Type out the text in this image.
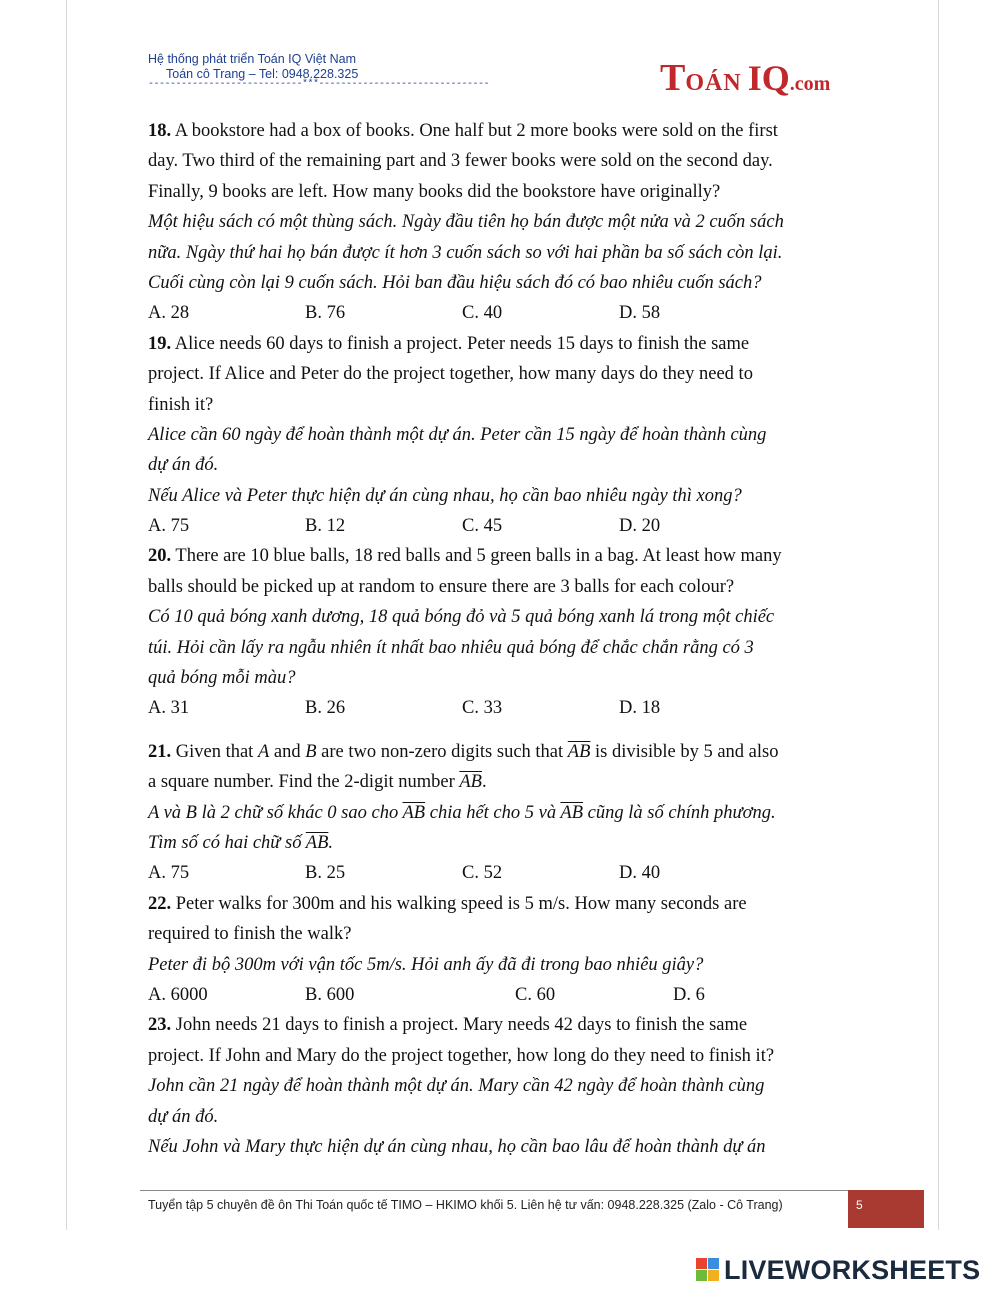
Hệ thống phát triển Toán IQ Việt Nam
Toán cô Trang – Tel: 0948.228.325
----------------------------***-------------------------------	TOÁN IQ.com
18. A bookstore had a box of books. One half but 2 more books were sold on the first
day. Two third of the remaining part and 3 fewer books were sold on the second day.
Finally, 9 books are left. How many books did the bookstore have originally?
Một hiệu sách có một thùng sách. Ngày đầu tiên họ bán được một nửa và 2 cuốn sách
nữa. Ngày thứ hai họ bán được ít hơn 3 cuốn sách so với hai phần ba số sách còn lại.
Cuối cùng còn lại 9 cuốn sách. Hỏi ban đầu hiệu sách đó có bao nhiêu cuốn sách?
A. 28	B. 76	C. 40	D. 58
19. Alice needs 60 days to finish a project. Peter needs 15 days to finish the same
project. If Alice and Peter do the project together, how many days do they need to
finish it?
Alice cần 60 ngày để hoàn thành một dự án. Peter cần 15 ngày để hoàn thành cùng
dự án đó.
Nếu Alice và Peter thực hiện dự án cùng nhau, họ cần bao nhiêu ngày thì xong?
A. 75	B. 12	C. 45	D. 20
20. There are 10 blue balls, 18 red balls and 5 green balls in a bag. At least how many
balls should be picked up at random to ensure there are 3 balls for each colour?
Có 10 quả bóng xanh dương, 18 quả bóng đỏ và 5 quả bóng xanh lá trong một chiếc
túi. Hỏi cần lấy ra ngẫu nhiên ít nhất bao nhiêu quả bóng để chắc chắn rằng có 3
quả bóng mỗi màu?
A. 31	B. 26	C. 33	D. 18
21. Given that A and B are two non-zero digits such that $\overline{AB}$ is divisible by 5 and also
a square number. Find the 2-digit number $\overline{AB}$.
A và B là 2 chữ số khác 0 sao cho $\overline{AB}$ chia hết cho 5 và $\overline{AB}$ cũng là số chính phương.
Tìm số có hai chữ số $\overline{AB}$.
A. 75	B. 25	C. 52	D. 40
22. Peter walks for 300m and his walking speed is 5 m/s. How many seconds are
required to finish the walk?
Peter đi bộ 300m với vận tốc 5m/s. Hỏi anh ấy đã đi trong bao nhiêu giây?
A. 6000	B. 600	C. 60	D. 6
23. John needs 21 days to finish a project. Mary needs 42 days to finish the same
project. If John and Mary do the project together, how long do they need to finish it?
John cần 21 ngày để hoàn thành một dự án. Mary cần 42 ngày để hoàn thành cùng
dự án đó.
Nếu John và Mary thực hiện dự án cùng nhau, họ cần bao lâu để hoàn thành dự án
Tuyển tập 5 chuyên đề ôn Thi Toán quốc tế TIMO – HKIMO khối 5. Liên hệ tư vấn: 0948.228.325 (Zalo - Cô Trang)	5
LIVEWORKSHEETS
